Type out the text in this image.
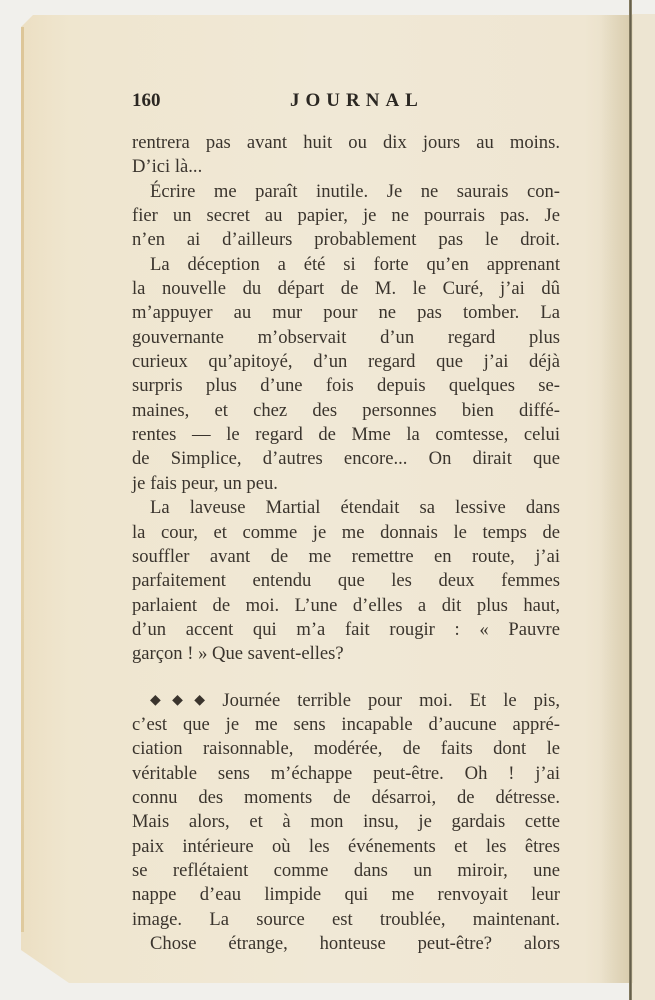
160	JOURNAL
rentrera pas avant huit ou dix jours au moins.
D’ici là...
Écrire me paraît inutile. Je ne saurais con-
fier un secret au papier, je ne pourrais pas. Je
n’en ai d’ailleurs probablement pas le droit.
La déception a été si forte qu’en apprenant
la nouvelle du départ de M. le Curé, j’ai dû
m’appuyer au mur pour ne pas tomber. La
gouvernante m’observait d’un regard plus
curieux qu’apitoyé, d’un regard que j’ai déjà
surpris plus d’une fois depuis quelques se-
maines, et chez des personnes bien diffé-
rentes — le regard de Mme la comtesse, celui
de Simplice, d’autres encore... On dirait que
je fais peur, un peu.
La laveuse Martial étendait sa lessive dans
la cour, et comme je me donnais le temps de
souffler avant de me remettre en route, j’ai
parfaitement entendu que les deux femmes
parlaient de moi. L’une d’elles a dit plus haut,
d’un accent qui m’a fait rougir : « Pauvre
garçon ! » Que savent-elles?
◆◆◆ Journée terrible pour moi. Et le pis,
c’est que je me sens incapable d’aucune appré-
ciation raisonnable, modérée, de faits dont le
véritable sens m’échappe peut-être. Oh ! j’ai
connu des moments de désarroi, de détresse.
Mais alors, et à mon insu, je gardais cette
paix intérieure où les événements et les êtres
se reflétaient comme dans un miroir, une
nappe d’eau limpide qui me renvoyait leur
image. La source est troublée, maintenant.
Chose étrange, honteuse peut-être? alors
